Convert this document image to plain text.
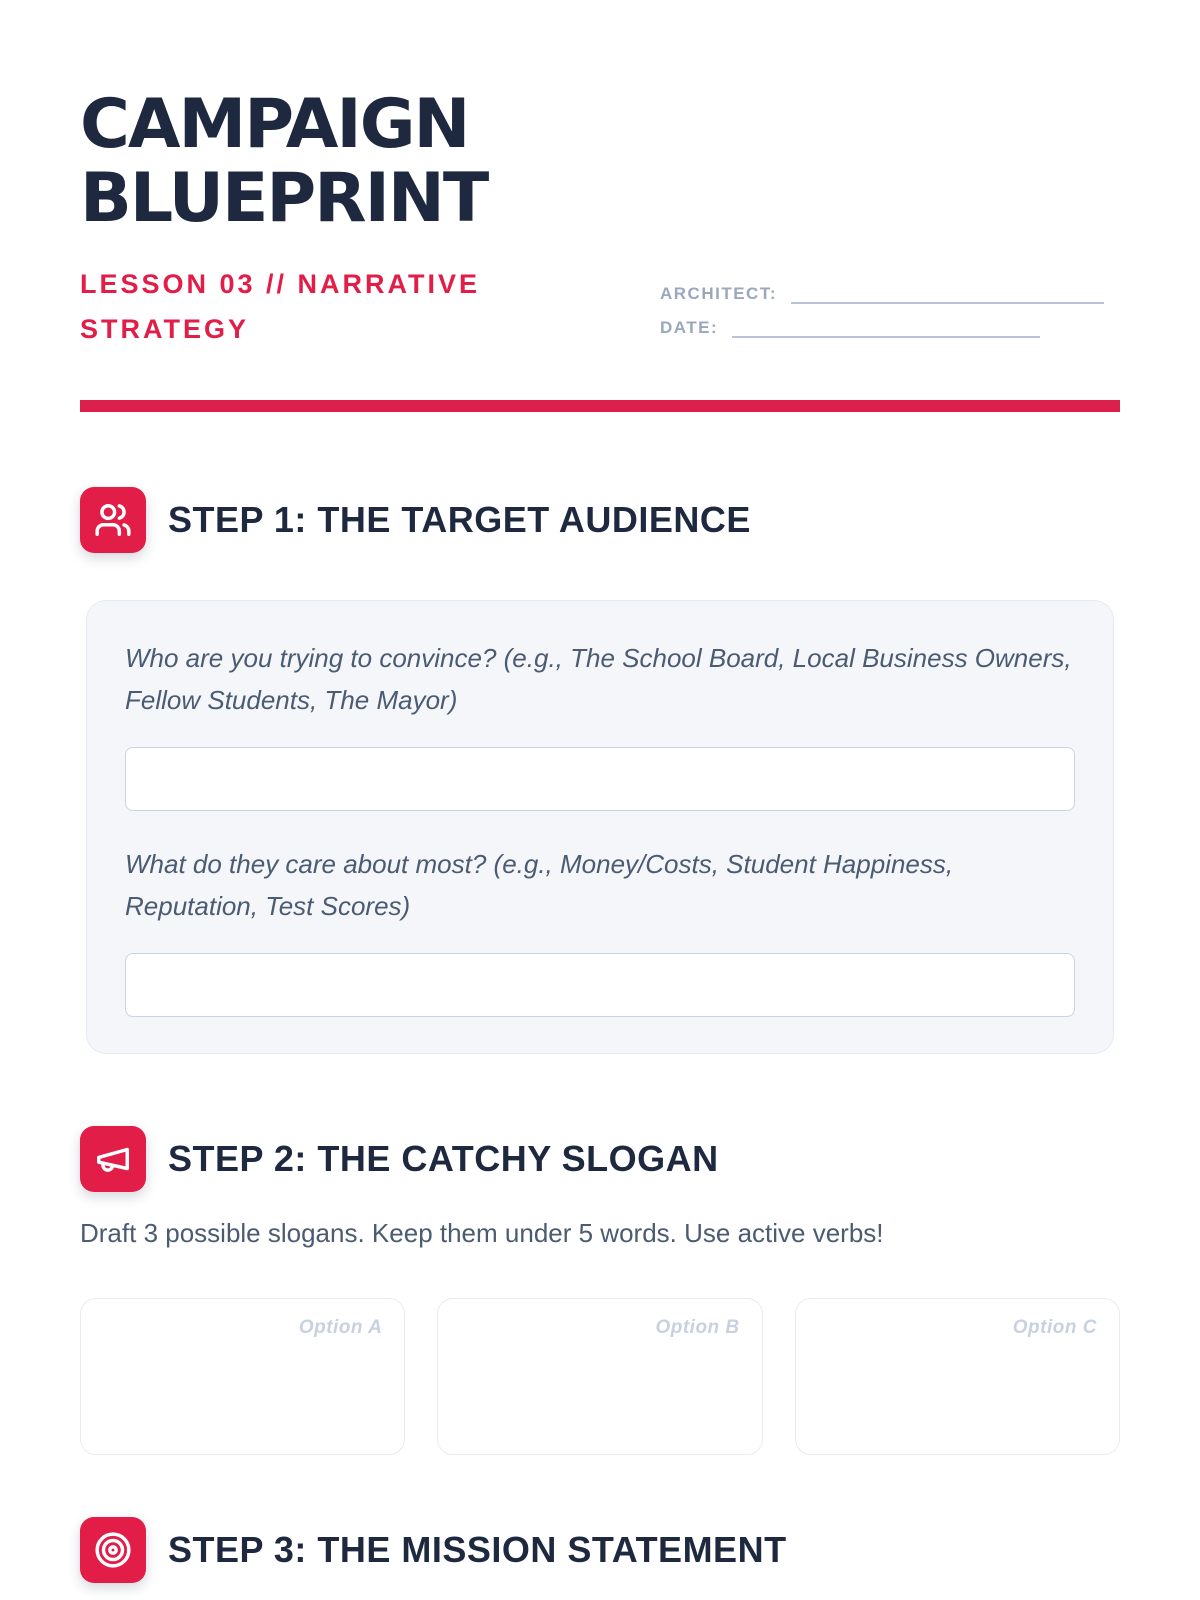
CAMPAIGN
BLUEPRINT
LESSON 03 // NARRATIVE STRATEGY
ARCHITECT:
DATE:
STEP 1: THE TARGET AUDIENCE

Who are you trying to convince? (e.g., The School Board, Local Business Owners, Fellow Students, The Mayor)

What do they care about most? (e.g., Money/Costs, Student Happiness, Reputation, Test Scores)

STEP 2: THE CATCHY SLOGAN

Draft 3 possible slogans. Keep them under 5 words. Use active verbs!

Option A	Option B	Option C
STEP 3: THE MISSION STATEMENT
